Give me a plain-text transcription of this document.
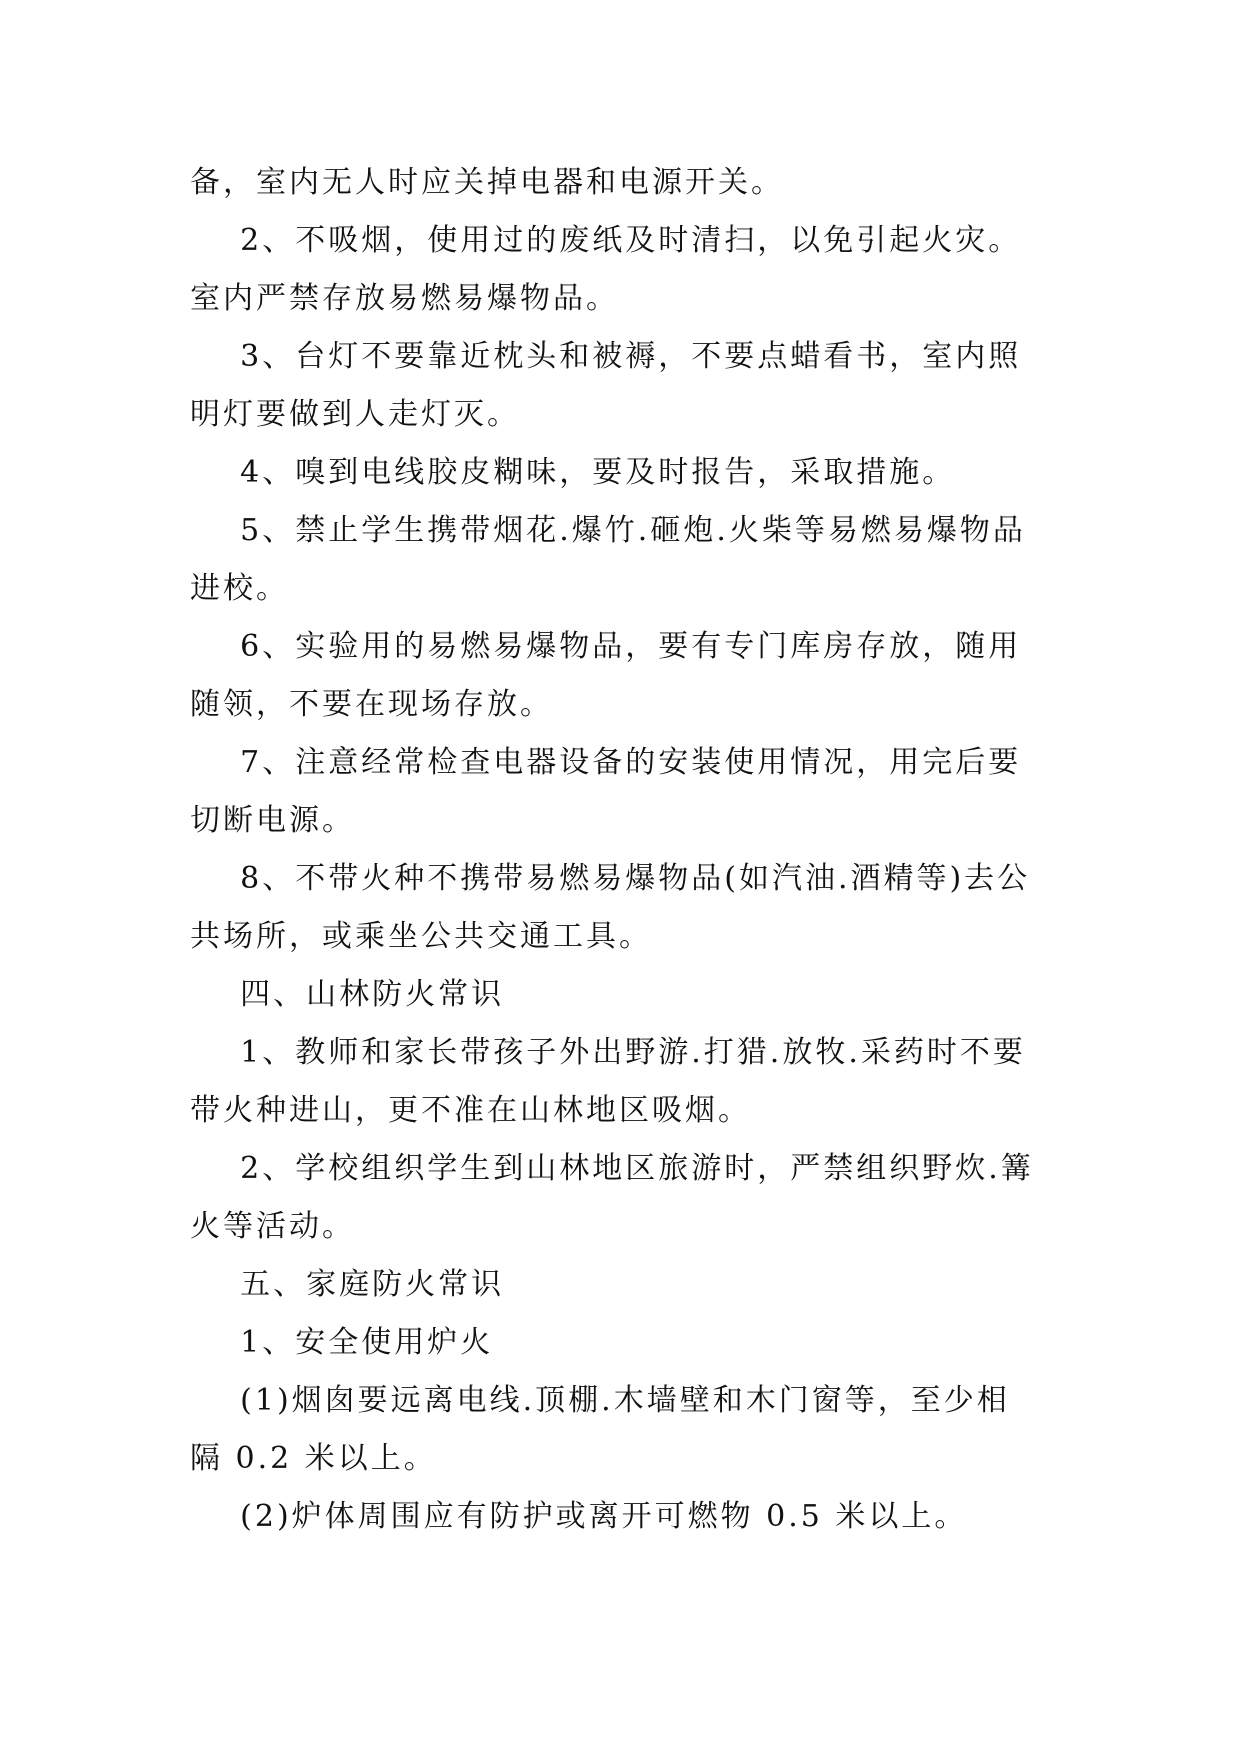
备，室内无人时应关掉电器和电源开关。

2、不吸烟，使用过的废纸及时清扫，以免引起火灾。

室内严禁存放易燃易爆物品。

3、台灯不要靠近枕头和被褥，不要点蜡看书，室内照

明灯要做到人走灯灭。

4、嗅到电线胶皮糊味，要及时报告，采取措施。

5、禁止学生携带烟花.爆竹.砸炮.火柴等易燃易爆物品

进校。

6、实验用的易燃易爆物品，要有专门库房存放，随用

随领，不要在现场存放。

7、注意经常检查电器设备的安装使用情况，用完后要

切断电源。

8、不带火种不携带易燃易爆物品(如汽油.酒精等)去公

共场所，或乘坐公共交通工具。

四、山林防火常识

1、教师和家长带孩子外出野游.打猎.放牧.采药时不要

带火种进山，更不准在山林地区吸烟。

2、学校组织学生到山林地区旅游时，严禁组织野炊.篝

火等活动。

五、家庭防火常识

1、安全使用炉火

(1)烟囱要远离电线.顶棚.木墙壁和木门窗等，至少相

隔 0.2 米以上。

(2)炉体周围应有防护或离开可燃物 0.5 米以上。
